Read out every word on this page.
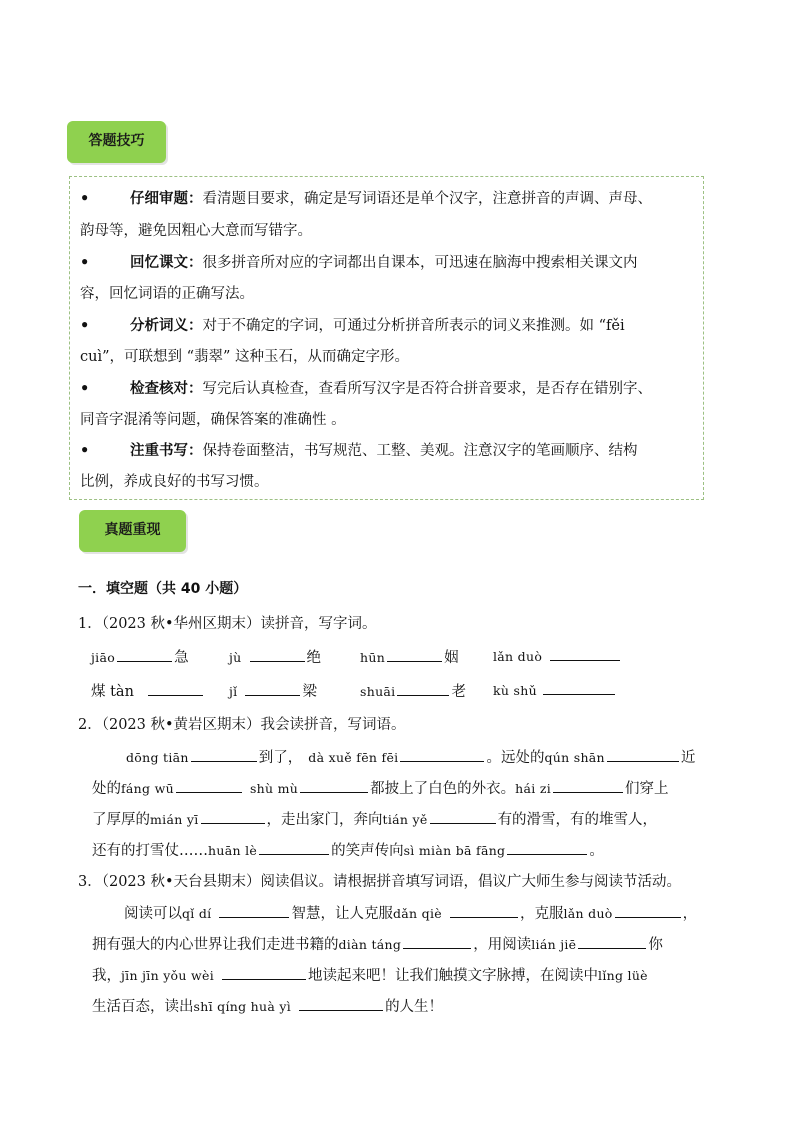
答题技巧
•	仔细审题：看清题目要求，确定是写词语还是单个汉字，注意拼音的声调、声母、
韵母等，避免因粗心大意而写错字。
•	回忆课文：很多拼音所对应的字词都出自课本，可迅速在脑海中搜索相关课文内
容，回忆词语的正确写法。
•	分析词义：对于不确定的字词，可通过分析拼音所表示的词义来推测。如 “fěi
cuì”，可联想到 “翡翠” 这种玉石，从而确定字形。
•	检查核对：写完后认真检查，查看所写汉字是否符合拼音要求，是否存在错别字、
同音字混淆等问题，确保答案的准确性 。
•	注重书写：保持卷面整洁，书写规范、工整、美观。注意汉字的笔画顺序、结构
比例，养成良好的书写习惯。
真题重现
一．填空题（共 40 小题）
1．（2023 秋•华州区期末）读拼音，写字词。
jiāo	急	jù	绝	hūn	姻	lǎn duò
煤 tàn	jǐ	梁	shuāi	老 kù shǔ
2．（2023 秋•黄岩区期末）我会读拼音，写词语。
dōng tiān	到了， dà xuě fēn fēi	。远处的qún shān	近
处的fáng wū	shù mù	都披上了白色的外衣。hái zi	们穿上
了厚厚的mián yī	，走出家门，奔向tián yě	有的滑雪，有的堆雪人，
还有的打雪仗……huān lè	的笑声传向sì miàn bā fāng	。
3．（2023 秋•天台县期末）阅读倡议。请根据拼音填写词语，倡议广大师生参与阅读节活动。
阅读可以qǐ dí	智慧，让人克服dǎn qiè	，克服lǎn duò	，
拥有强大的内心世界让我们走进书籍的diàn táng	，用阅读lián jiē	你
我，jīn jīn yǒu wèi	地读起来吧！让我们触摸文字脉搏，在阅读中lǐng lüè
生活百态，读出shī qíng huà yì	的人生！
